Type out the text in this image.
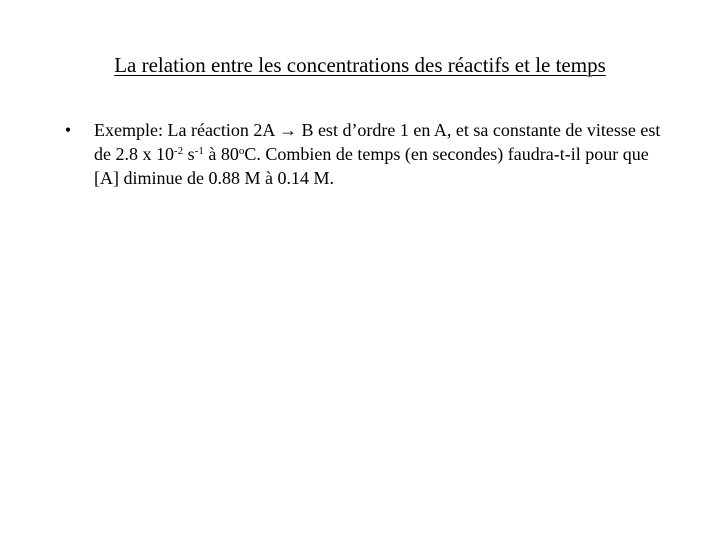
La relation entre les concentrations des réactifs et le temps
•	Exemple: La réaction 2A → B est d’ordre 1 en A, et sa constante de vitesse est de 2.8 x $10^{-2}$ $s^{-1}$ à 80$^o$C. Combien de temps (en secondes) faudra-t-il pour que [A] diminue de 0.88 M à 0.14 M.
